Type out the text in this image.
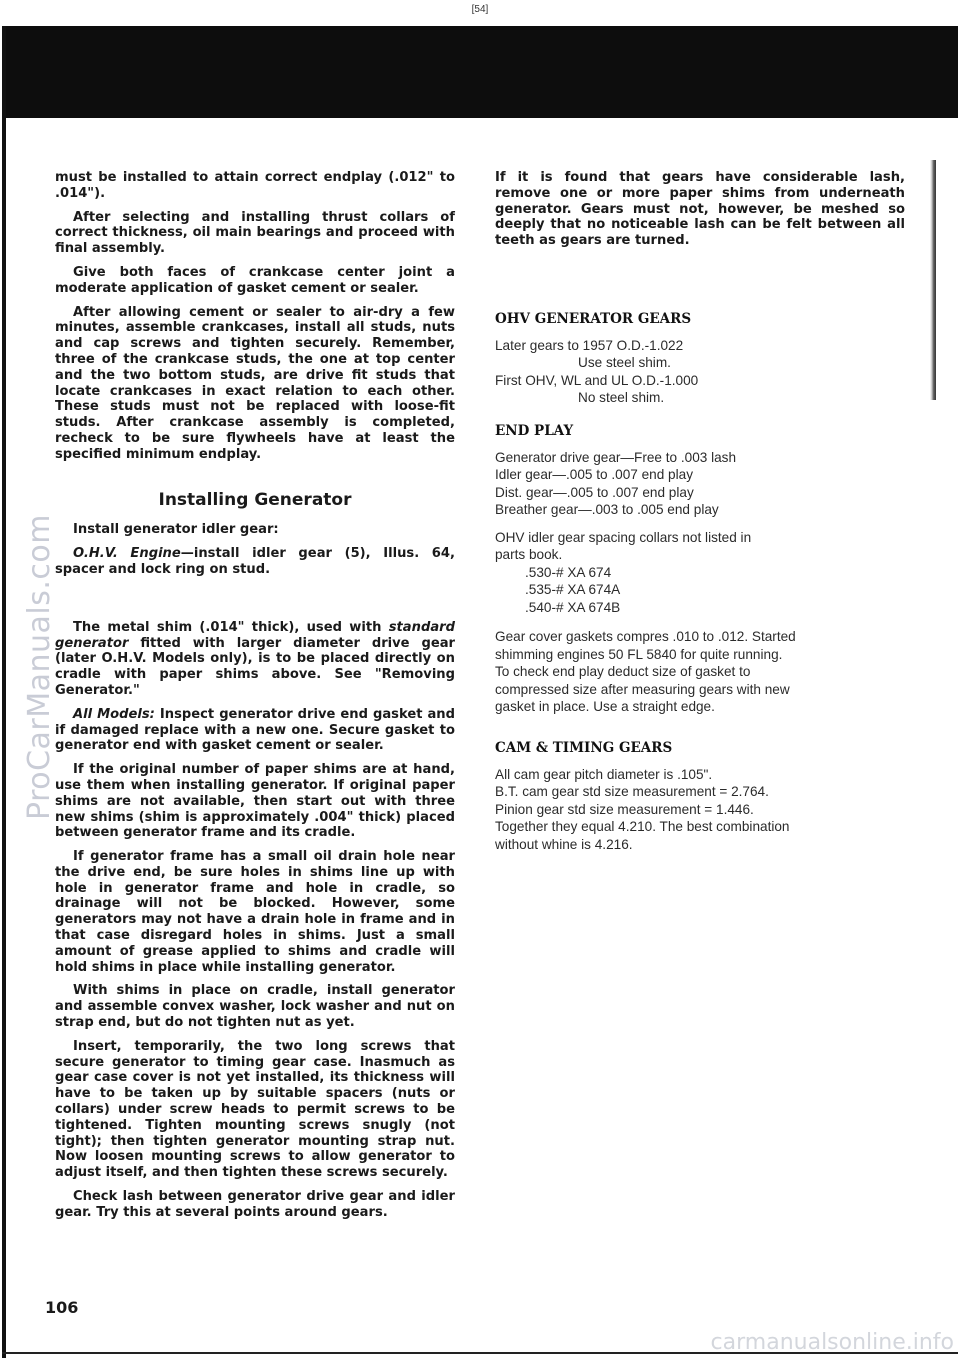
[54]
ProCarManuals.com

must be installed to attain correct endplay (.012" to .014").

After selecting and installing thrust collars of correct thickness, oil main bearings and proceed with final assembly.

Give both faces of crankcase center joint a moderate application of gasket cement or sealer.

After allowing cement or sealer to air-dry a few minutes, assemble crankcases, install all studs, nuts and cap screws and tighten securely. Remember, three of the crankcase studs, the one at top center and the two bottom studs, are drive fit studs that locate crankcases in exact relation to each other. These studs must not be replaced with loose-fit studs. After crankcase assembly is completed, recheck to be sure flywheels have at least the specified minimum endplay.

Installing Generator

Install generator idler gear:

O.H.V. Engine—install idler gear (5), Illus. 64, spacer and lock ring on stud.

The metal shim (.014" thick), used with standard generator fitted with larger diameter drive gear (later O.H.V. Models only), is to be placed directly on cradle with paper shims above. See "Removing Generator."

All Models: Inspect generator drive end gasket and if damaged replace with a new one. Secure gasket to generator end with gasket cement or sealer.

If the original number of paper shims are at hand, use them when installing generator. If original paper shims are not available, then start out with three new shims (shim is approximately .004" thick) placed between generator frame and its cradle.

If generator frame has a small oil drain hole near the drive end, be sure holes in shims line up with hole in generator frame and hole in cradle, so drainage will not be blocked. However, some generators may not have a drain hole in frame and in that case disregard holes in shims. Just a small amount of grease applied to shims and cradle will hold shims in place while installing generator.

With shims in place on cradle, install generator and assemble convex washer, lock washer and nut on strap end, but do not tighten nut as yet.

Insert, temporarily, the two long screws that secure generator to timing gear case. Inasmuch as gear case cover is not yet installed, its thickness will have to be taken up by suitable spacers (nuts or collars) under screw heads to permit screws to be tightened. Tighten mounting screws snugly (not tight); then tighten generator mounting strap nut. Now loosen mounting screws to allow generator to adjust itself, and then tighten these screws securely.

Check lash between generator drive gear and idler gear. Try this at several points around gears.

If it is found that gears have considerable lash, remove one or more paper shims from underneath generator. Gears must not, however, be meshed so deeply that no noticeable lash can be felt between all teeth as gears are turned.

OHV GENERATOR GEARS
Later gears to 1957 O.D.-1.022
Use steel shim.
First OHV, WL and UL O.D.-1.000
No steel shim.
END PLAY
Generator drive gear—Free to .003 lash
Idler gear—.005 to .007 end play
Dist. gear—.005 to .007 end play
Breather gear—.003 to .005 end play
OHV idler gear spacing collars not listed in
parts book.
.530-# XA 674
.535-# XA 674A
.540-# XA 674B
Gear cover gaskets compres .010 to .012. Started
shimming engines 50 FL 5840 for quite running.
To check end play deduct size of gasket to
compressed size after measuring gears with new
gasket in place. Use a straight edge.
CAM & TIMING GEARS
All cam gear pitch diameter is .105".
B.T. cam gear std size measurement = 2.764.
Pinion gear std size measurement = 1.446.
Together they equal 4.210. The best combination
without whine is 4.216.
106
carmanualsonline.info
